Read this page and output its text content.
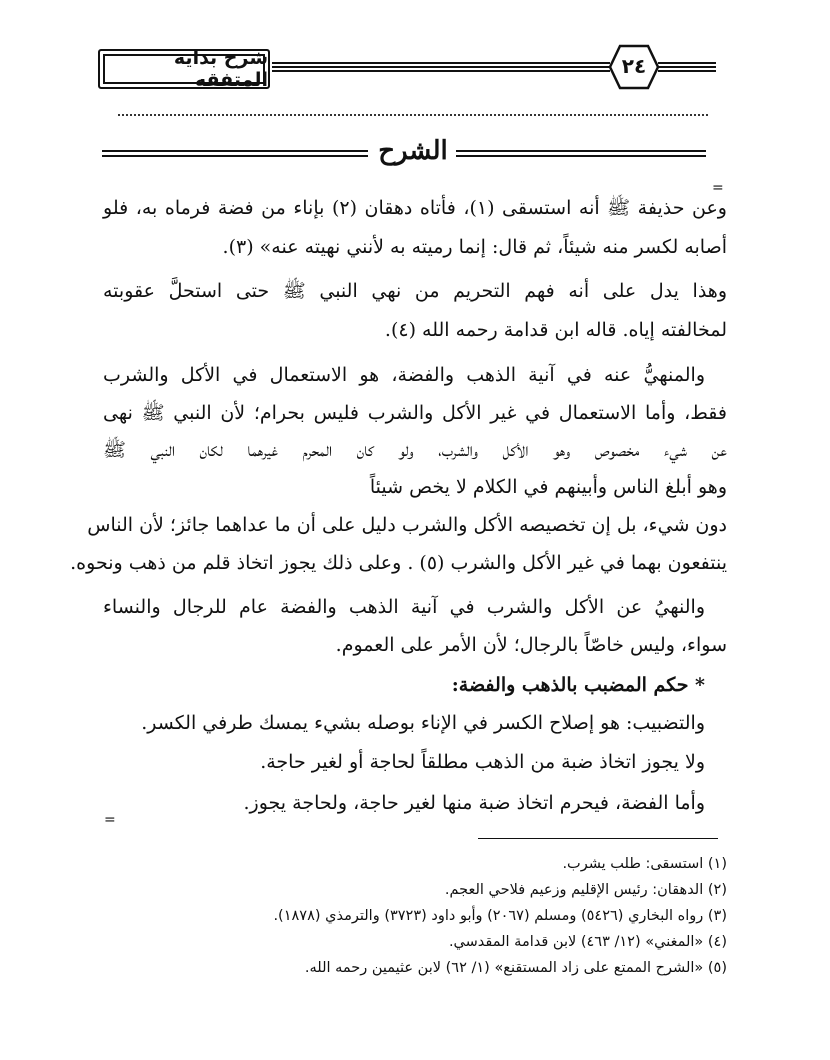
شرح بداية المتفقه
٢٤
الشرح
=
=
وعن حذيفة ﷺ أنه استسقى (١)، فأتاه دهقان (٢) بإناء من فضة فرماه به، فلو
أصابه لكسر منه شيئاً، ثم قال: إنما رميته به لأنني نهيته عنه» (٣).
وهذا يدل على أنه فهم التحريم من نهي النبي ﷺ حتى استحلَّ عقوبته
لمخالفته إياه. قاله ابن قدامة رحمه الله (٤).
والمنهيُّ عنه في آنية الذهب والفضة، هو الاستعمال في الأكل والشرب
فقط، وأما الاستعمال في غير الأكل والشرب فليس بحرام؛ لأن النبي ﷺ نهى
عن شيء مخصوص وهو الأكل والشرب، ولو كان المحرم غيرهما لكان النبي ﷺ
وهو أبلغ الناس وأبينهم في الكلام لا يخص شيئاً
دون شيء، بل إن تخصيصه الأكل والشرب دليل على أن ما عداهما جائز؛ لأن الناس
ينتفعون بهما في غير الأكل والشرب (٥) . وعلى ذلك يجوز اتخاذ قلم من ذهب ونحوه.
والنهيُ عن الأكل والشرب في آنية الذهب والفضة عام للرجال والنساء
سواء، وليس خاصّاً بالرجال؛ لأن الأمر على العموم.
* حكم المضبب بالذهب والفضة:
والتضبيب: هو إصلاح الكسر في الإناء بوصله بشيء يمسك طرفي الكسر.
ولا يجوز اتخاذ ضبة من الذهب مطلقاً لحاجة أو لغير حاجة.
وأما الفضة، فيحرم اتخاذ ضبة منها لغير حاجة، ولحاجة يجوز.
(١) استسقى: طلب يشرب.
(٢) الدهقان: رئيس الإقليم وزعيم فلاحي العجم.
(٣) رواه البخاري (٥٤٢٦) ومسلم (٢٠٦٧) وأبو داود (٣٧٢٣) والترمذي (١٨٧٨).
(٤) «المغني» (١٢/ ٤٦٣) لابن قدامة المقدسي.
(٥) «الشرح الممتع على زاد المستقنع» (١/ ٦٢) لابن عثيمين رحمه الله.
